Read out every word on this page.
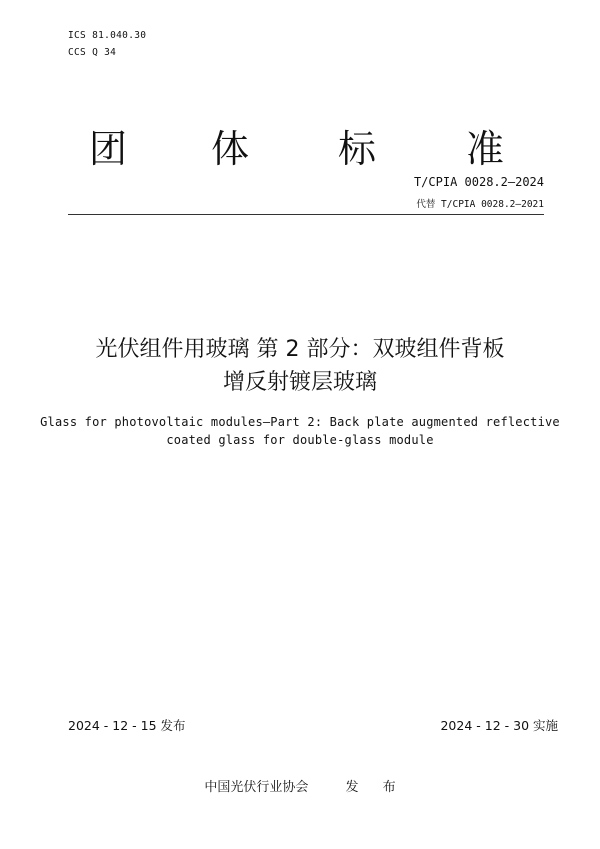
ICS 81.040.30
CCS Q 34
团 体 标 准
T/CPIA 0028.2—2024
代替 T/CPIA 0028.2—2021
光伏组件用玻璃 第 2 部分：双玻组件背板
增反射镀层玻璃
Glass for photovoltaic modules—Part 2: Back plate augmented reflective
coated glass for double-glass module
2024 - 12 - 15 发布	2024 - 12 - 30 实施
中国光伏行业协会　 发 布
